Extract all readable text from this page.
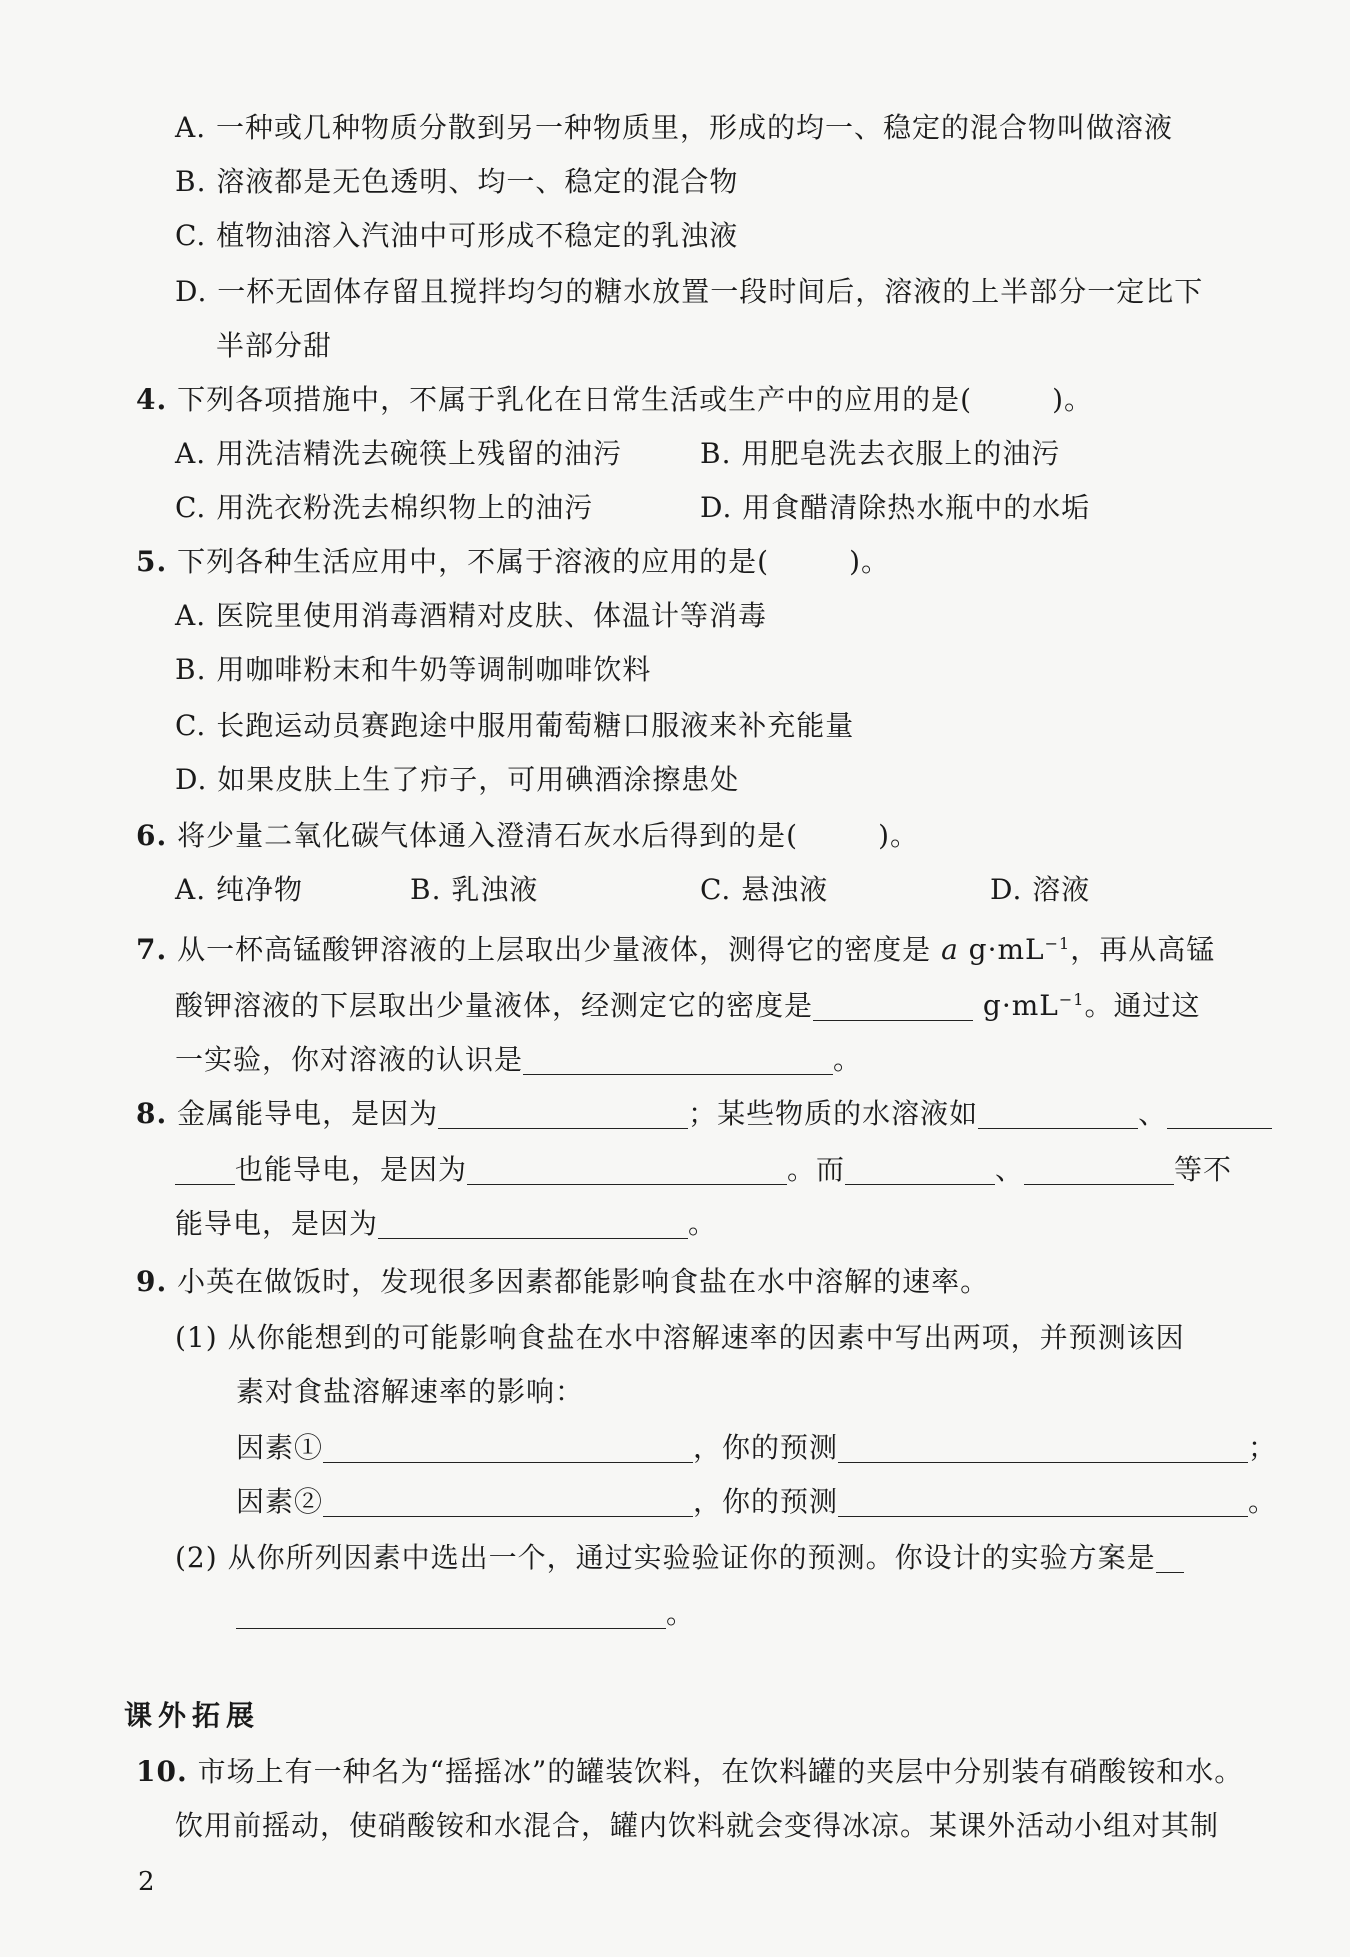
A. 一种或几种物质分散到另一种物质里，形成的均一、稳定的混合物叫做溶液
B. 溶液都是无色透明、均一、稳定的混合物
C. 植物油溶入汽油中可形成不稳定的乳浊液
D. 一杯无固体存留且搅拌均匀的糖水放置一段时间后，溶液的上半部分一定比下
半部分甜
4. 下列各项措施中，不属于乳化在日常生活或生产中的应用的是(	)。
A. 用洗洁精洗去碗筷上残留的油污	B. 用肥皂洗去衣服上的油污
C. 用洗衣粉洗去棉织物上的油污	D. 用食醋清除热水瓶中的水垢
5. 下列各种生活应用中，不属于溶液的应用的是(	)。
A. 医院里使用消毒酒精对皮肤、体温计等消毒
B. 用咖啡粉末和牛奶等调制咖啡饮料
C. 长跑运动员赛跑途中服用葡萄糖口服液来补充能量
D. 如果皮肤上生了疖子，可用碘酒涂擦患处
6. 将少量二氧化碳气体通入澄清石灰水后得到的是(	)。
A. 纯净物	B. 乳浊液	C. 悬浊液	D. 溶液
7. 从一杯高锰酸钾溶液的上层取出少量液体，测得它的密度是 a $g\cdot mL^{-1}$，再从高锰
酸钾溶液的下层取出少量液体，经测定它的密度是	$g\cdot mL^{-1}$。通过这
一实验，你对溶液的认识是	。
8. 金属能导电，是因为	；某些物质的水溶液如	、
也能导电，是因为	。而	、	等不
能导电，是因为	。
9. 小英在做饭时，发现很多因素都能影响食盐在水中溶解的速率。
(1) 从你能想到的可能影响食盐在水中溶解速率的因素中写出两项，并预测该因
素对食盐溶解速率的影响：
因素①	，你的预测	；
因素②	，你的预测	。
(2) 从你所列因素中选出一个，通过实验验证你的预测。你设计的实验方案是
。
课外拓展
10. 市场上有一种名为“摇摇冰”的罐装饮料，在饮料罐的夹层中分别装有硝酸铵和水。
饮用前摇动，使硝酸铵和水混合，罐内饮料就会变得冰凉。某课外活动小组对其制
2
